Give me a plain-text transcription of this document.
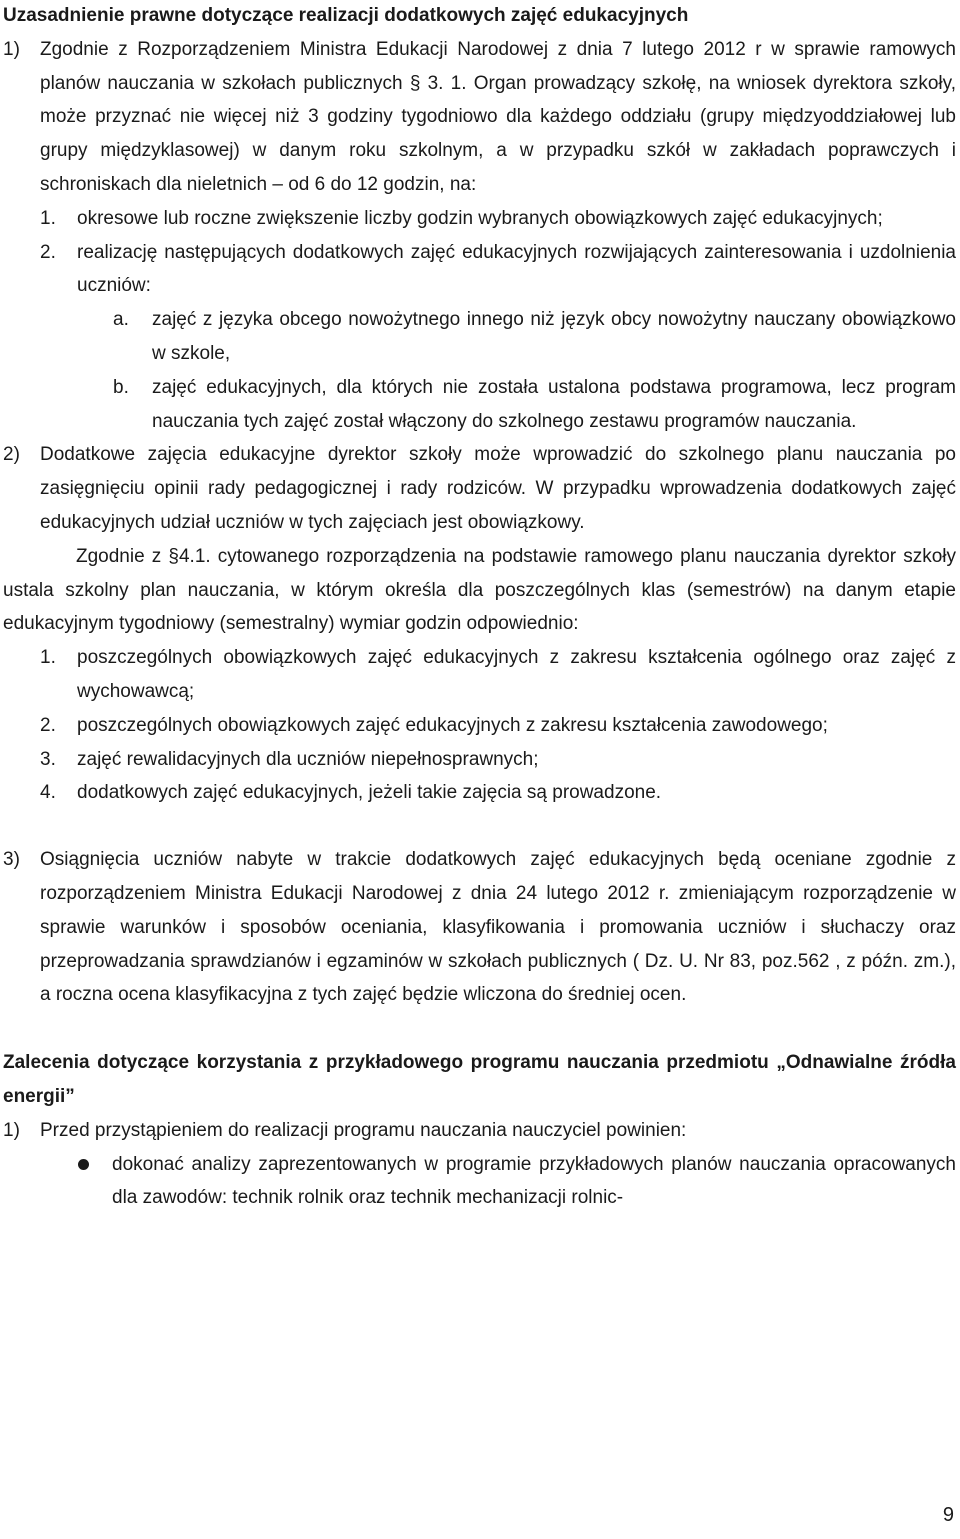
Uzasadnienie prawne dotyczące realizacji dodatkowych zajęć edukacyjnych

1)	Zgodnie z Rozporządzeniem Ministra Edukacji Narodowej z dnia 7 lutego 2012 r w sprawie ramowych planów nauczania w szkołach publicznych § 3. 1. Organ prowadzący szkołę, na wniosek dyrektora szkoły, może przyznać nie więcej niż 3 godziny tygodniowo dla każdego oddziału (grupy międzyoddziałowej lub grupy międzyklasowej) w danym roku szkolnym, a w przypadku szkół w zakładach poprawczych i schroniskach dla nieletnich – od 6 do 12 godzin, na:

1.	okresowe lub roczne zwiększenie liczby godzin wybranych obowiązkowych zajęć edukacyjnych;

2.	realizację następujących dodatkowych zajęć edukacyjnych rozwijających zainteresowania i uzdolnienia uczniów:

a.	zajęć z języka obcego nowożytnego innego niż język obcy nowożytny nauczany obowiązkowo w szkole,

b.	zajęć edukacyjnych, dla których nie została ustalona podstawa programowa, lecz program nauczania tych zajęć został włączony do szkolnego zestawu programów nauczania.

2)	Dodatkowe zajęcia edukacyjne dyrektor szkoły może wprowadzić do szkolnego planu nauczania po zasięgnięciu opinii rady pedagogicznej i rady rodziców. W przypadku wprowadzenia dodatkowych zajęć edukacyjnych udział uczniów w tych zajęciach jest obowiązkowy.

Zgodnie z §4.1. cytowanego rozporządzenia na podstawie ramowego planu nauczania dyrektor szkoły ustala szkolny plan nauczania, w którym określa dla poszczególnych klas (semestrów) na danym etapie edukacyjnym tygodniowy (semestralny) wymiar godzin odpowiednio:

1.	poszczególnych obowiązkowych zajęć edukacyjnych z zakresu kształcenia ogólnego oraz zajęć z wychowawcą;

2.	poszczególnych obowiązkowych zajęć edukacyjnych z zakresu kształcenia zawodowego;

3.	zajęć rewalidacyjnych dla uczniów niepełnosprawnych;

4.	dodatkowych zajęć edukacyjnych, jeżeli takie zajęcia są prowadzone.

3)	Osiągnięcia uczniów nabyte w trakcie dodatkowych zajęć edukacyjnych będą oceniane zgodnie z rozporządzeniem Ministra Edukacji Narodowej z dnia 24 lutego 2012 r. zmieniającym rozporządzenie w sprawie warunków i sposobów oceniania, klasyfikowania i promowania uczniów i słuchaczy oraz przeprowadzania sprawdzianów i egzaminów w szkołach publicznych ( Dz. U. Nr 83, poz.562 , z późn. zm.), a roczna ocena klasyfikacyjna z tych zajęć będzie wliczona do średniej ocen.

Zalecenia dotyczące korzystania z przykładowego programu nauczania przedmiotu „Odnawialne źródła energii”

1)	Przed przystąpieniem do realizacji programu nauczania nauczyciel powinien:

dokonać analizy zaprezentowanych w programie przykładowych planów nauczania opracowanych dla zawodów: technik rolnik oraz technik mechanizacji rolnic-

9
